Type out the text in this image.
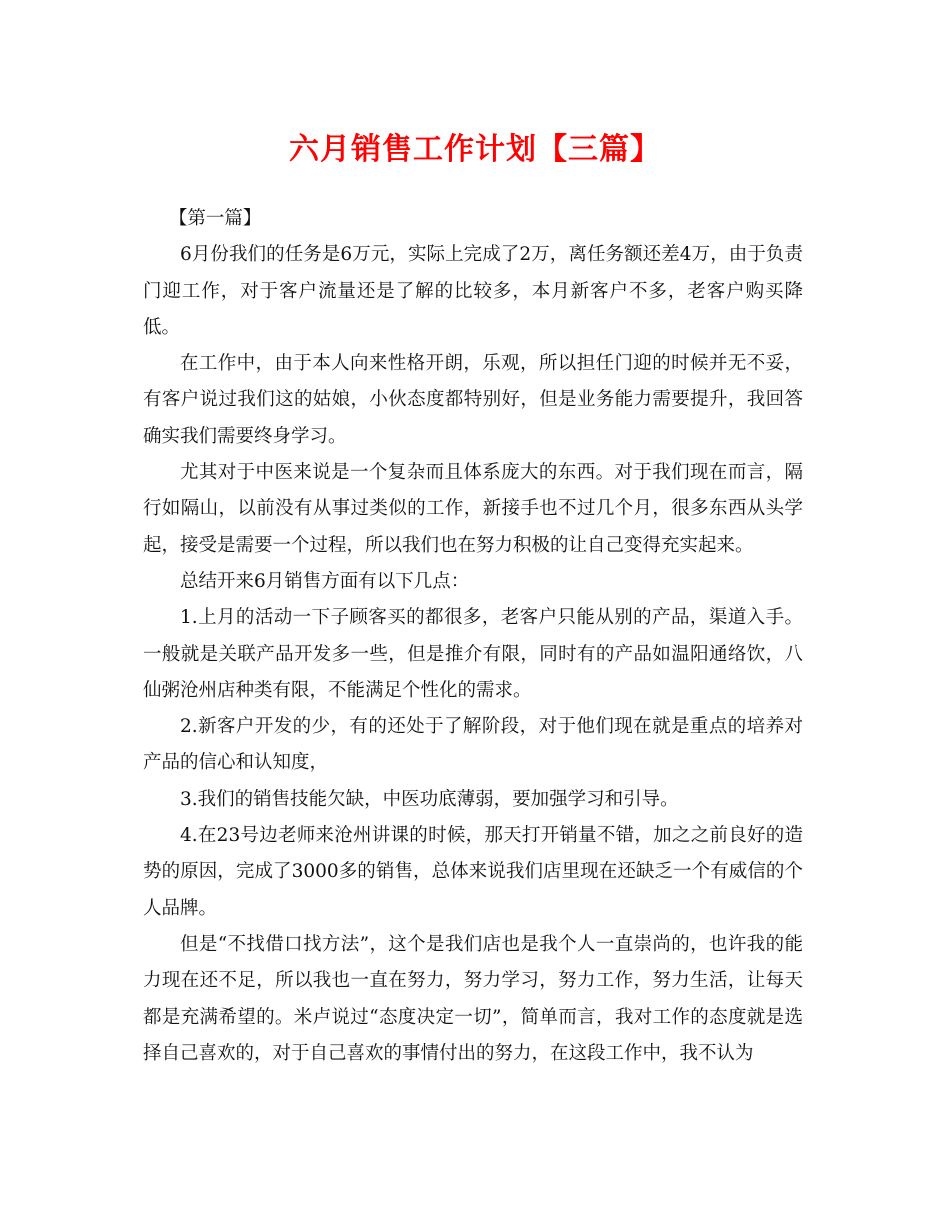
六月销售工作计划【三篇】

【第一篇】

6月份我们的任务是6万元，实际上完成了2万，离任务额还差4万，由于负责门迎工作，对于客户流量还是了解的比较多，本月新客户不多，老客户购买降低。

在工作中，由于本人向来性格开朗，乐观，所以担任门迎的时候并无不妥，有客户说过我们这的姑娘，小伙态度都特别好，但是业务能力需要提升，我回答确实我们需要终身学习。

尤其对于中医来说是一个复杂而且体系庞大的东西。对于我们现在而言，隔行如隔山，以前没有从事过类似的工作，新接手也不过几个月，很多东西从头学起，接受是需要一个过程，所以我们也在努力积极的让自己变得充实起来。

总结开来6月销售方面有以下几点：

1.上月的活动一下子顾客买的都很多，老客户只能从别的产品，渠道入手。一般就是关联产品开发多一些，但是推介有限，同时有的产品如温阳通络饮，八仙粥沧州店种类有限，不能满足个性化的需求。

2.新客户开发的少，有的还处于了解阶段，对于他们现在就是重点的培养对产品的信心和认知度，

3.我们的销售技能欠缺，中医功底薄弱，要加强学习和引导。

4.在23号边老师来沧州讲课的时候，那天打开销量不错，加之之前良好的造势的原因，完成了3000多的销售，总体来说我们店里现在还缺乏一个有威信的个人品牌。

但是“不找借口找方法”，这个是我们店也是我个人一直崇尚的，也许我的能力现在还不足，所以我也一直在努力，努力学习，努力工作，努力生活，让每天都是充满希望的。米卢说过“态度决定一切”，简单而言，我对工作的态度就是选择自己喜欢的，对于自己喜欢的事情付出的努力，在这段工作中，我不认为
